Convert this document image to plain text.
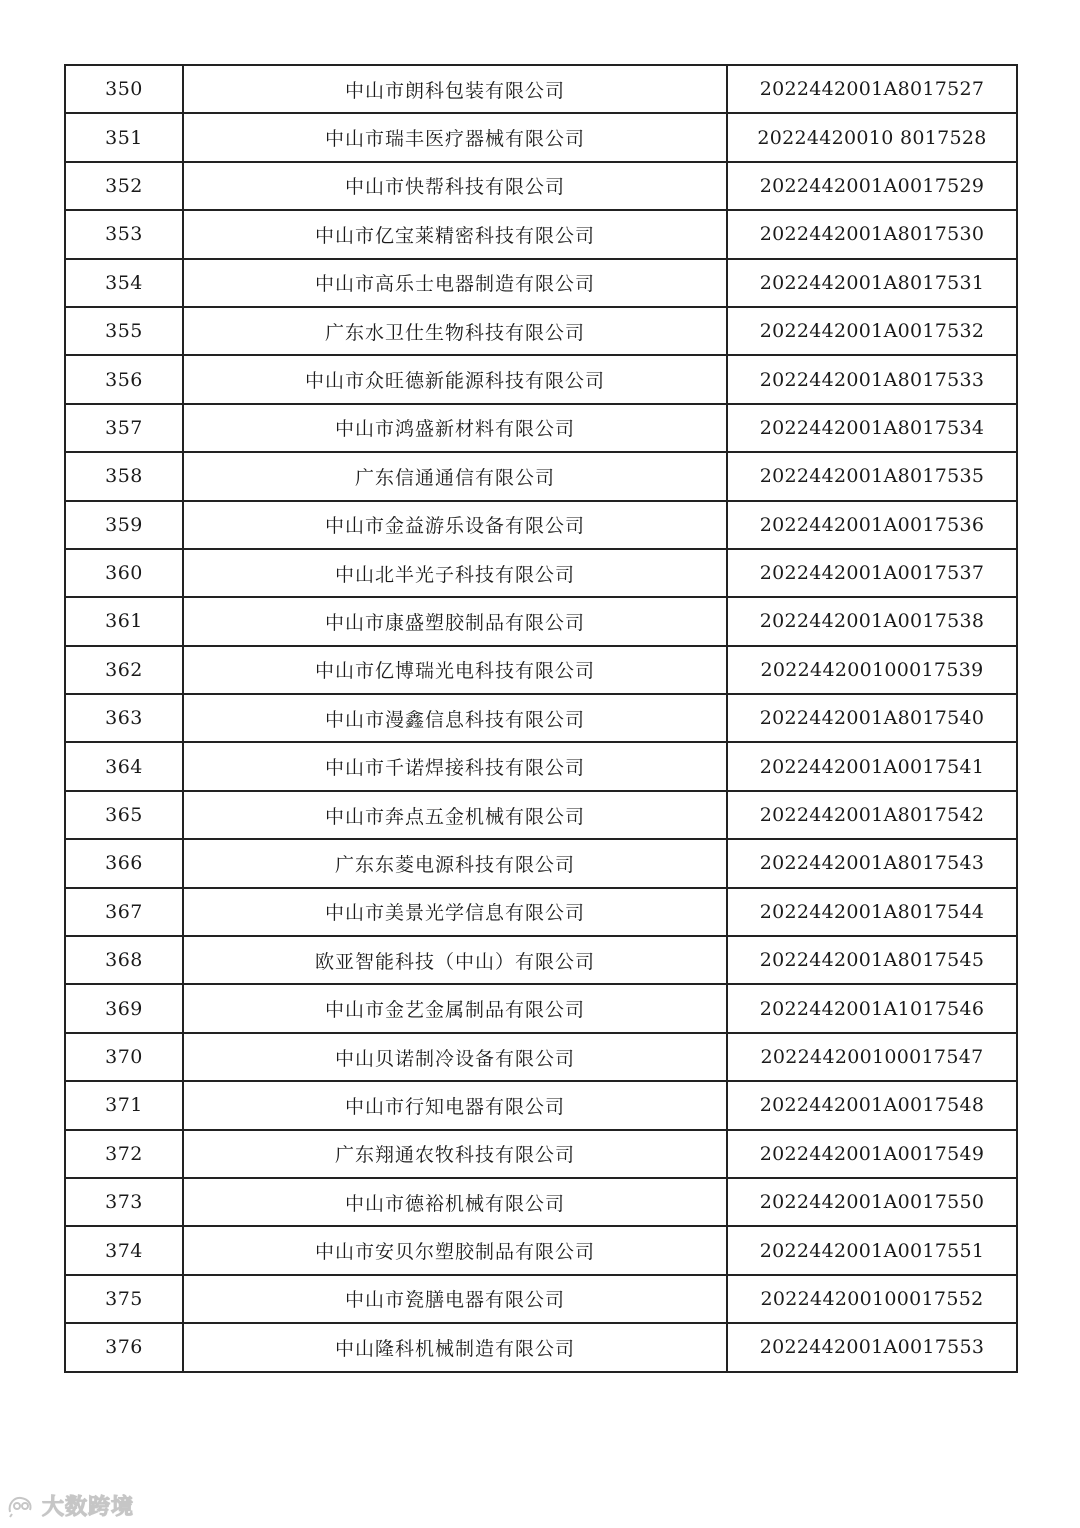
350	中山市朗科包装有限公司	2022442001A8017527
351	中山市瑞丰医疗器械有限公司	20224420010 8017528
352	中山市快帮科技有限公司	2022442001A0017529
353	中山市亿宝莱精密科技有限公司	2022442001A8017530
354	中山市高乐士电器制造有限公司	2022442001A8017531
355	广东水卫仕生物科技有限公司	2022442001A0017532
356	中山市众旺德新能源科技有限公司	2022442001A8017533
357	中山市鸿盛新材料有限公司	2022442001A8017534
358	广东信通通信有限公司	2022442001A8017535
359	中山市金益游乐设备有限公司	2022442001A0017536
360	中山北半光子科技有限公司	2022442001A0017537
361	中山市康盛塑胶制品有限公司	2022442001A0017538
362	中山市亿博瑞光电科技有限公司	202244200100017539
363	中山市漫鑫信息科技有限公司	2022442001A8017540
364	中山市千诺焊接科技有限公司	2022442001A0017541
365	中山市奔点五金机械有限公司	2022442001A8017542
366	广东东菱电源科技有限公司	2022442001A8017543
367	中山市美景光学信息有限公司	2022442001A8017544
368	欧亚智能科技（中山）有限公司	2022442001A8017545
369	中山市金艺金属制品有限公司	2022442001A1017546
370	中山贝诺制冷设备有限公司	202244200100017547
371	中山市行知电器有限公司	2022442001A0017548
372	广东翔通农牧科技有限公司	2022442001A0017549
373	中山市德裕机械有限公司	2022442001A0017550
374	中山市安贝尔塑胶制品有限公司	2022442001A0017551
375	中山市瓷膳电器有限公司	202244200100017552
376	中山隆科机械制造有限公司	2022442001A0017553
大数跨境
